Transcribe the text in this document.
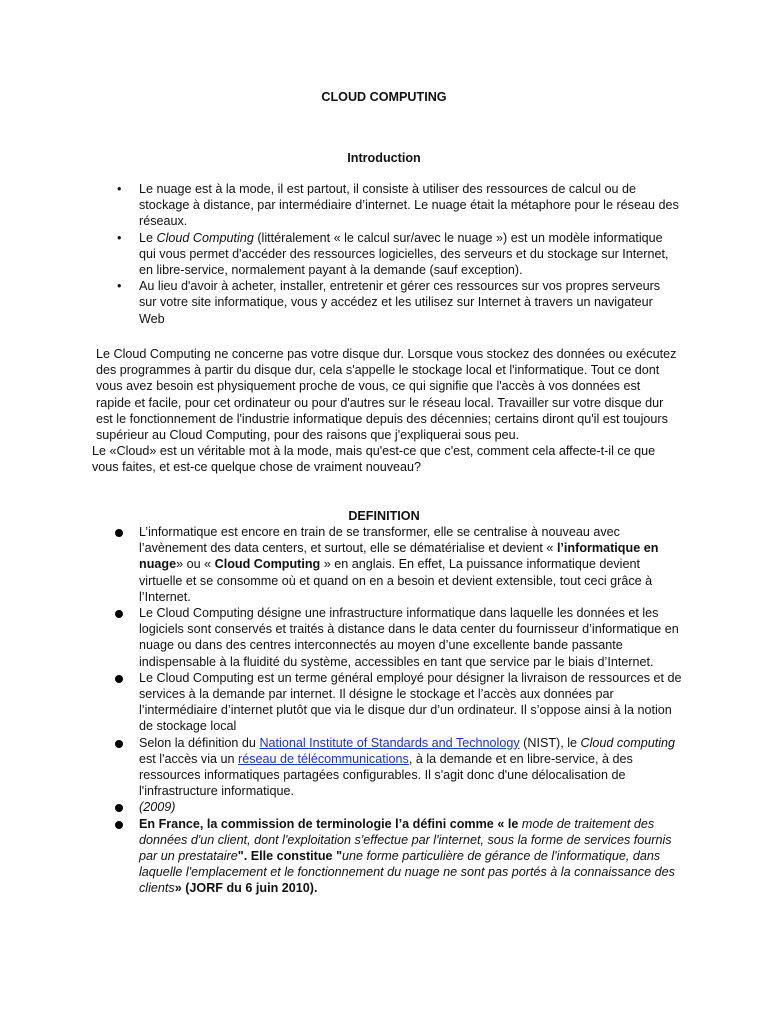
CLOUD COMPUTING
Introduction
• Le nuage est à la mode, il est partout, il consiste à utiliser des ressources de calcul ou de stockage à distance, par intermédiaire d’internet. Le nuage était la métaphore pour le réseau des réseaux.
• Le Cloud Computing (littéralement « le calcul sur/avec le nuage ») est un modèle informatique qui vous permet d'accéder des ressources logicielles, des serveurs et du stockage sur Internet, en libre-service, normalement payant à la demande (sauf exception).
• Au lieu d'avoir à acheter, installer, entretenir et gérer ces ressources sur vos propres serveurs sur votre site informatique, vous y accédez et les utilisez sur Internet à travers un navigateur Web
Le Cloud Computing ne concerne pas votre disque dur. Lorsque vous stockez des données ou exécutez des programmes à partir du disque dur, cela s'appelle le stockage local et l'informatique. Tout ce dont vous avez besoin est physiquement proche de vous, ce qui signifie que l'accès à vos données est rapide et facile, pour cet ordinateur ou pour d'autres sur le réseau local. Travailler sur votre disque dur est le fonctionnement de l'industrie informatique depuis des décennies; certains diront qu'il est toujours supérieur au Cloud Computing, pour des raisons que j'expliquerai sous peu.
Le «Cloud» est un véritable mot à la mode, mais qu'est-ce que c'est, comment cela affecte-t-il ce que vous faites, et est-ce quelque chose de vraiment nouveau?
DEFINITION
L’informatique est encore en train de se transformer, elle se centralise à nouveau avec l’avènement des data centers, et surtout, elle se dématérialise et devient « l’informatique en nuage» ou « Cloud Computing » en anglais. En effet, La puissance informatique devient virtuelle et se consomme où et quand on en a besoin et devient extensible, tout ceci grâce à l’Internet.
Le Cloud Computing désigne une infrastructure informatique dans laquelle les données et les logiciels sont conservés et traités à distance dans le data center du fournisseur d’informatique en nuage ou dans des centres interconnectés au moyen d’une excellente bande passante indispensable à la fluidité du système, accessibles en tant que service par le biais d’Internet.
Le Cloud Computing est un terme général employé pour désigner la livraison de ressources et de services à la demande par internet. Il désigne le stockage et l’accès aux données par l’intermédiaire d’internet plutôt que via le disque dur d’un ordinateur. Il s’oppose ainsi à la notion de stockage local
Selon la définition du National Institute of Standards and Technology (NIST), le Cloud computing est l'accès via un réseau de télécommunications, à la demande et en libre-service, à des ressources informatiques partagées configurables. Il s'agit donc d'une délocalisation de l'infrastructure informatique.
(2009)
En France, la commission de terminologie l’a défini comme « le mode de traitement des données d'un client, dont l'exploitation s'effectue par l'internet, sous la forme de services fournis par un prestataire". Elle constitue "une forme particulière de gérance de l'informatique, dans laquelle l'emplacement et le fonctionnement du nuage ne sont pas portés à la connaissance des clients» (JORF du 6 juin 2010).
